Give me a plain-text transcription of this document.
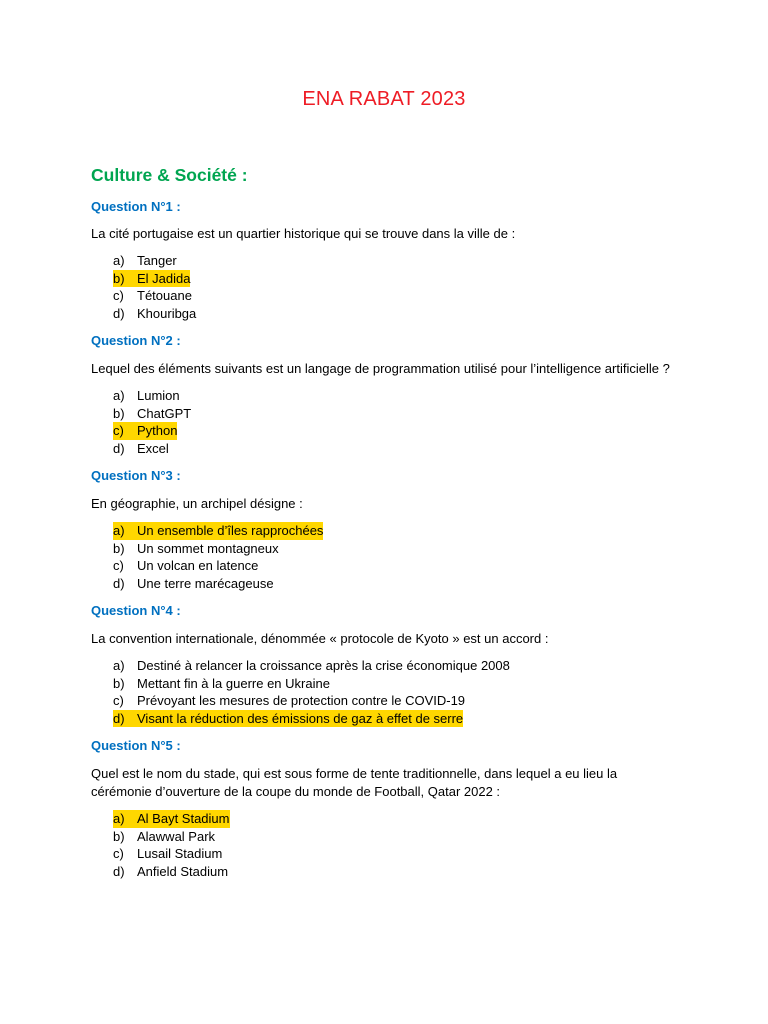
ENA RABAT 2023
Culture & Société :
Question N°1 :
La cité portugaise est un quartier historique qui se trouve dans la ville de :
a) Tanger
b) El Jadida
c) Tétouane
d) Khouribga
Question N°2 :
Lequel des éléments suivants est un langage de programmation utilisé pour l’intelligence artificielle ?
a) Lumion
b) ChatGPT
c) Python
d) Excel
Question N°3 :
En géographie, un archipel désigne :
a) Un ensemble d’îles rapprochées
b) Un sommet montagneux
c) Un volcan en latence
d) Une terre marécageuse
Question N°4 :
La convention internationale, dénommée « protocole de Kyoto » est un accord :
a) Destiné à relancer la croissance après la crise économique 2008
b) Mettant fin à la guerre en Ukraine
c) Prévoyant les mesures de protection contre le COVID-19
d) Visant la réduction des émissions de gaz à effet de serre
Question N°5 :
Quel est le nom du stade, qui est sous forme de tente traditionnelle, dans lequel a eu lieu la
cérémonie d’ouverture de la coupe du monde de Football, Qatar 2022 :
a) Al Bayt Stadium
b) Alawwal Park
c) Lusail Stadium
d) Anfield Stadium
